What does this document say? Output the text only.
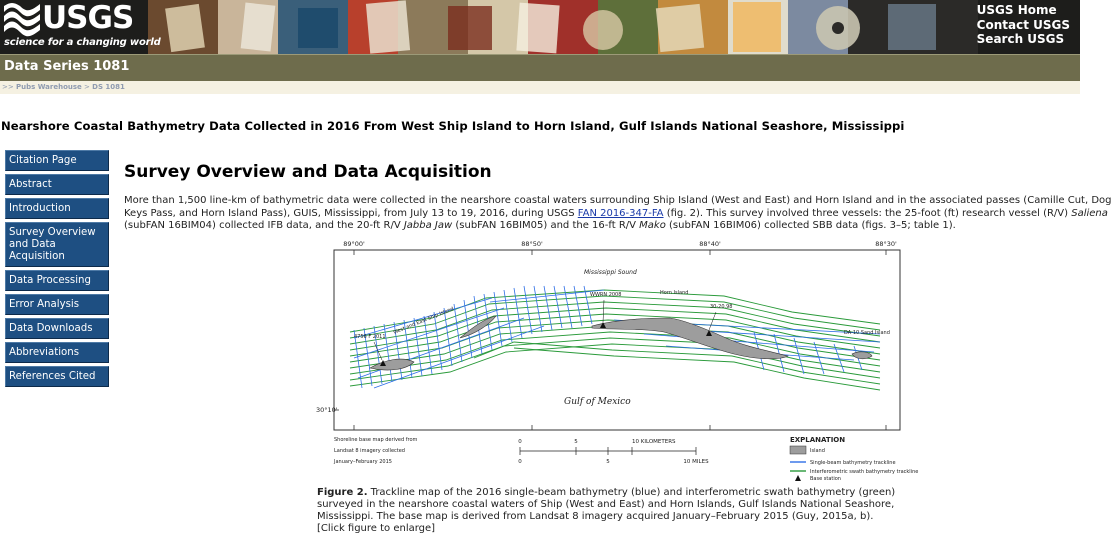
USGS
science for a changing world
USGS Home
Contact USGS
Search USGS
Data Series 1081
>> Pubs Warehouse > DS 1081
Nearshore Coastal Bathymetry Data Collected in 2016 From West Ship Island to Horn Island, Gulf Islands National Seashore, Mississippi
Citation Page
Abstract
Introduction
Survey Overview and Data Acquisition
Data Processing
Error Analysis
Data Downloads
Abbreviations
References Cited
Survey Overview and Data Acquisition

More than 1,500 line-km of bathymetric data were collected in the nearshore coastal waters surrounding Ship Island (West and East) and Horn Island and in the associated passes (Camille Cut, Dog Keys Pass, and Horn Island Pass), GUIS, Mississippi, from July 13 to 19, 2016, during USGS FAN 2016-347-FA (fig. 2). This survey involved three vessels: the 25-foot (ft) research vessel (R/V) Saliena (subFAN 16BIM04) collected IFB data, and the 20-ft R/V Jabba Jaw (subFAN 16BIM05) and the 16-ft R/V Mako (subFAN 16BIM06) collected SBB data (figs. 3–5; table 1).

89°00'	88°50'	88°40'	88°30'
30°10'
Mississippi Sound
Gulf of Mexico
West and East Ship Island
Horn Island
DA-10 Sand Island
4756 F 2011
WWRN 2008
30-20.98
Shoreline base map derived from
Landsat 8 imagery collected
January–February 2015
0	5	10 KILOMETERS
0	5	10 MILES
EXPLANATION
Island
Single-beam bathymetry trackline
Interferometric swath bathymetry trackline
Base station

Figure 2. Trackline map of the 2016 single-beam bathymetry (blue) and interferometric swath bathymetry (green) surveyed in the nearshore coastal waters of Ship (West and East) and Horn Islands, Gulf Islands National Seashore, Mississippi. The base map is derived from Landsat 8 imagery acquired January–February 2015 (Guy, 2015a, b). [Click figure to enlarge]
